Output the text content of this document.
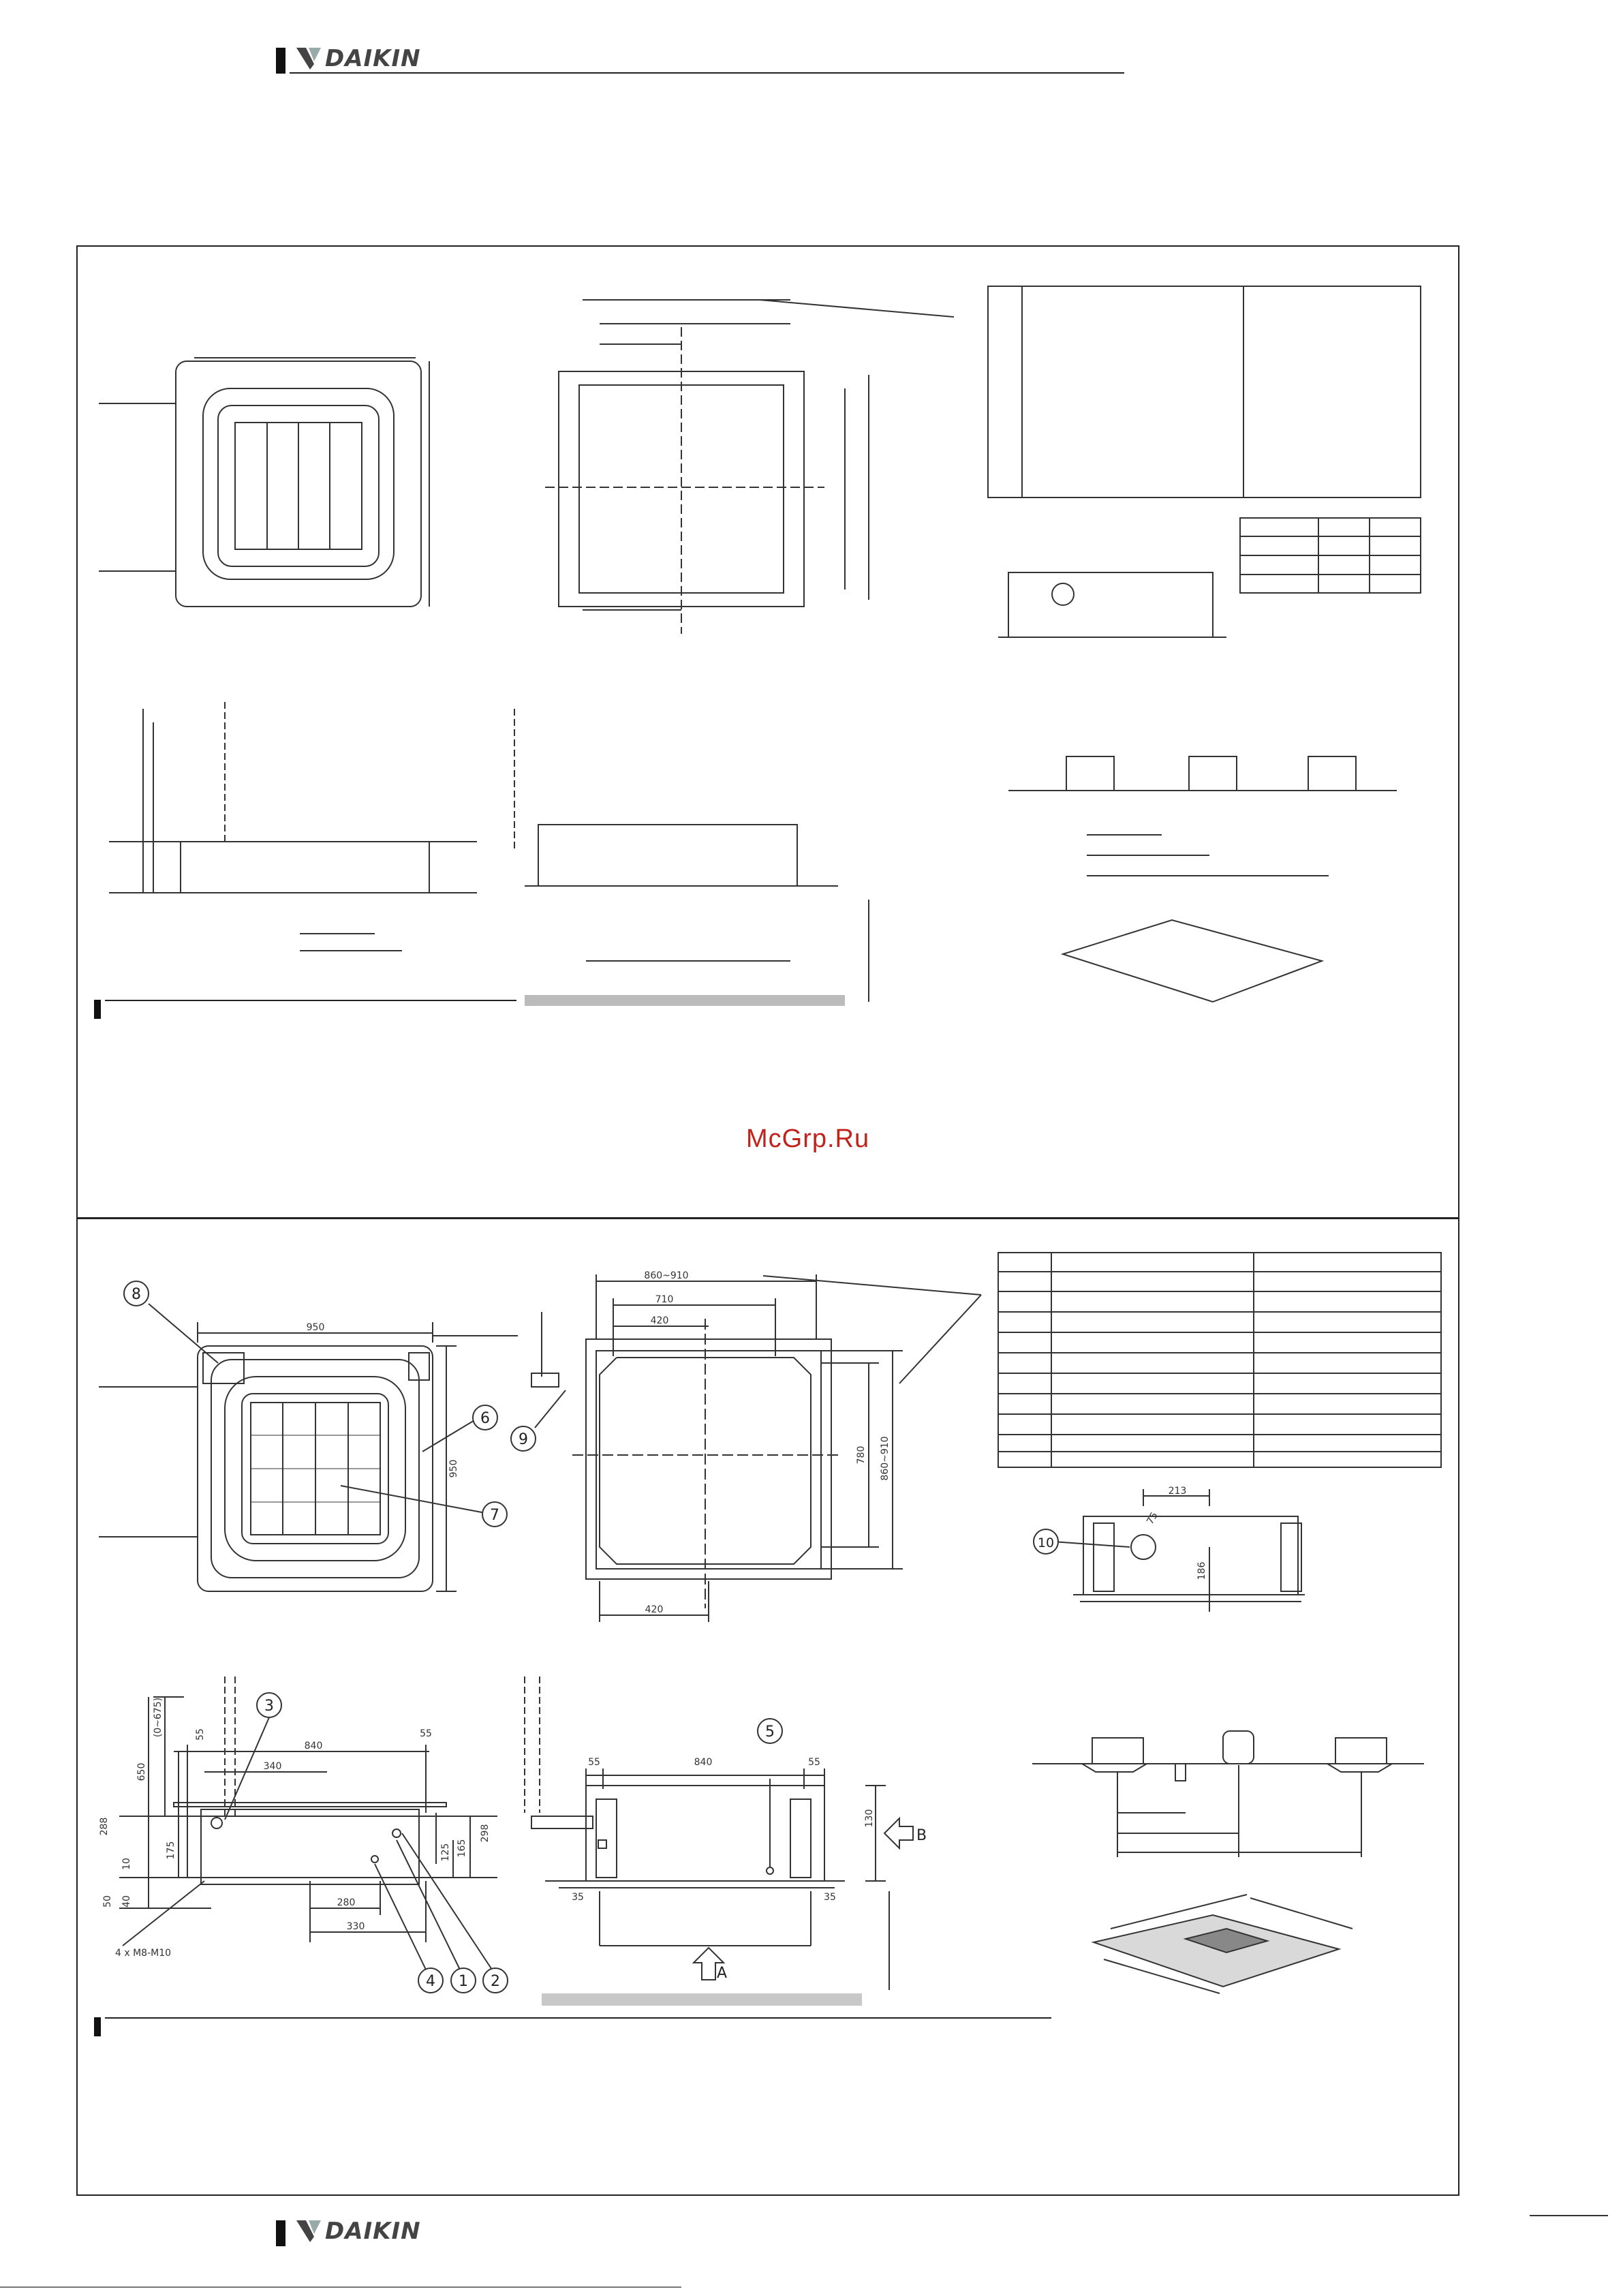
DAIKIN
8
6
7
9
10
3
5
4 1 2
950
950
860~910
710
420
420
780 860~910
213
186
75
(0~675)
650
840
55	55
340
288
175
10
50 40
125 165
298
280
330
4 x M8-M10
55	840	55
130
35	35
A
B
McGrp.Ru
DAIKIN
